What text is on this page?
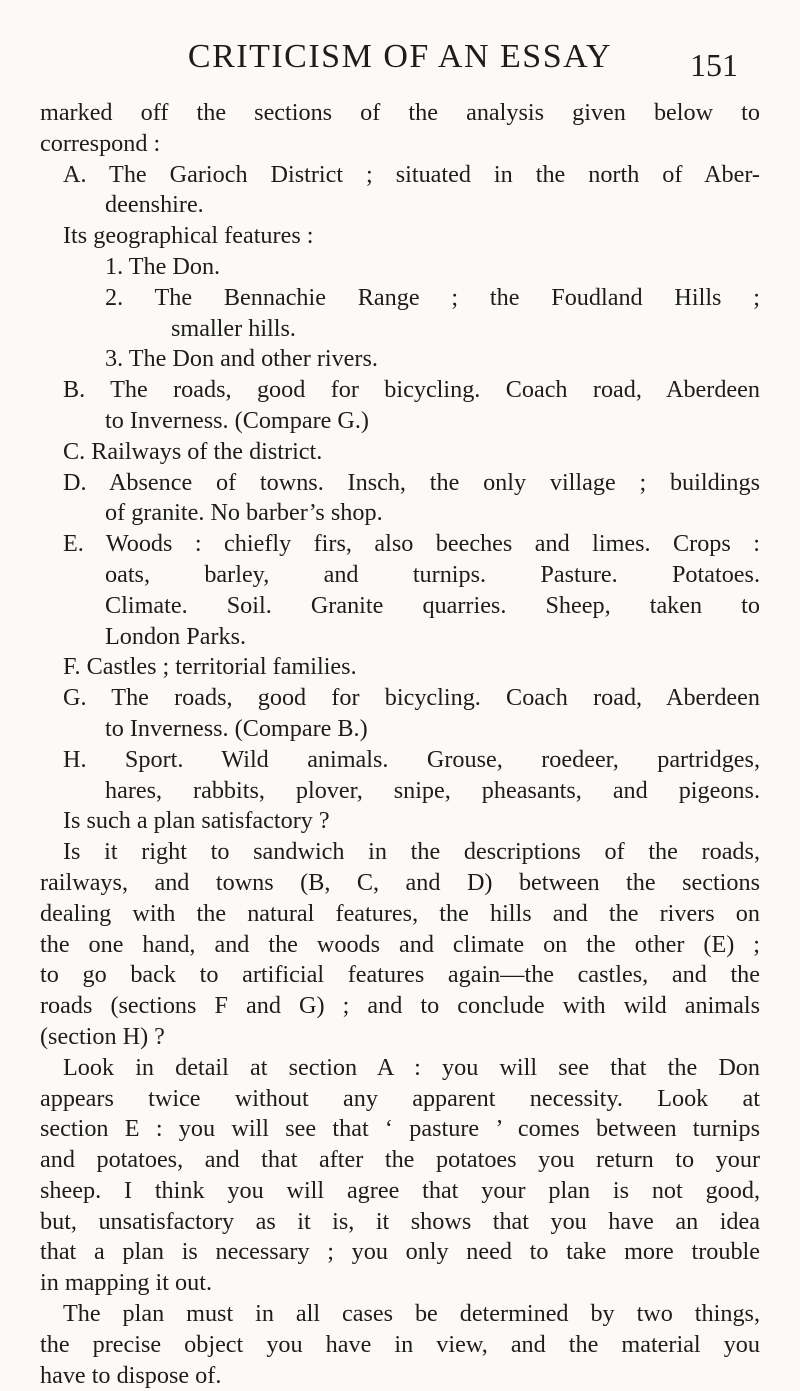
CRITICISM OF AN ESSAY	151
marked off the sections of the analysis given below to
correspond :
A. The Garioch District ; situated in the north of Aber-
deenshire.
Its geographical features :
1. The Don.
2. The Bennachie Range ; the Foudland Hills ;
smaller hills.
3. The Don and other rivers.
B. The roads, good for bicycling. Coach road, Aberdeen
to Inverness. (Compare G.)
C. Railways of the district.
D. Absence of towns. Insch, the only village ; buildings
of granite. No barber’s shop.
E. Woods : chiefly firs, also beeches and limes. Crops :
oats, barley, and turnips. Pasture. Potatoes.
Climate. Soil. Granite quarries. Sheep, taken to
London Parks.
F. Castles ; territorial families.
G. The roads, good for bicycling. Coach road, Aberdeen
to Inverness. (Compare B.)
H. Sport. Wild animals. Grouse, roedeer, partridges,
hares, rabbits, plover, snipe, pheasants, and pigeons.
Is such a plan satisfactory ?
Is it right to sandwich in the descriptions of the roads,
railways, and towns (B, C, and D) between the sections
dealing with the natural features, the hills and the rivers on
the one hand, and the woods and climate on the other (E) ;
to go back to artificial features again—the castles, and the
roads (sections F and G) ; and to conclude with wild animals
(section H) ?
Look in detail at section A : you will see that the Don
appears twice without any apparent necessity. Look at
section E : you will see that ‘ pasture ’ comes between turnips
and potatoes, and that after the potatoes you return to your
sheep. I think you will agree that your plan is not good,
but, unsatisfactory as it is, it shows that you have an idea
that a plan is necessary ; you only need to take more trouble
in mapping it out.
The plan must in all cases be determined by two things,
the precise object you have in view, and the material you
have to dispose of.
